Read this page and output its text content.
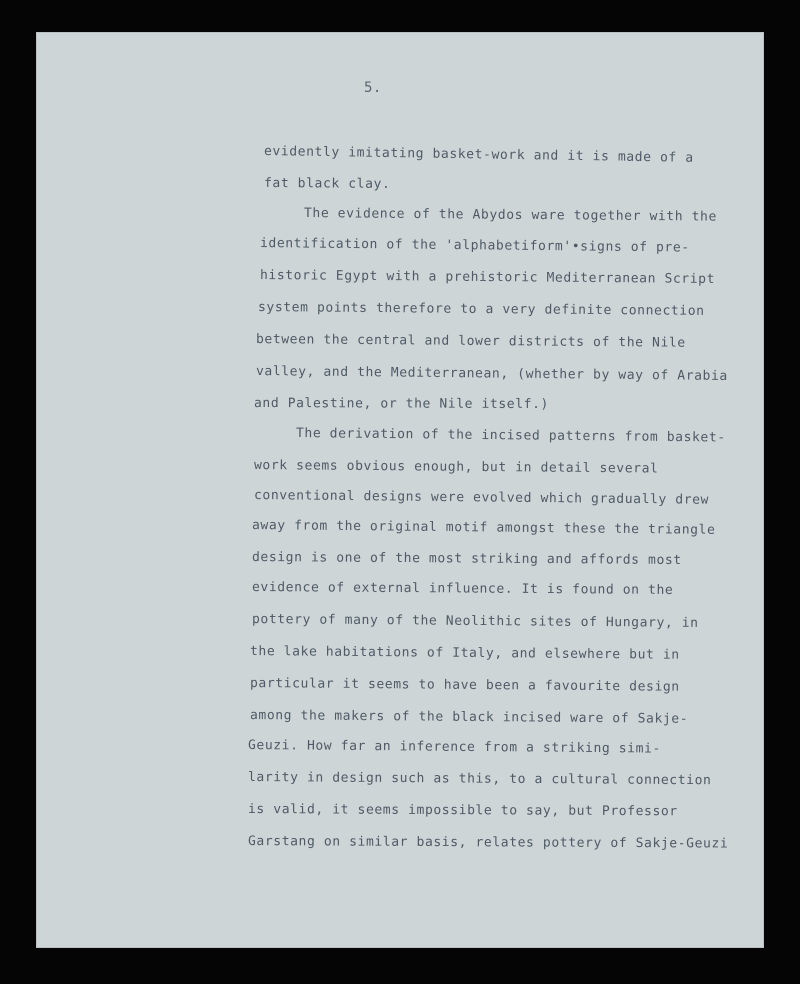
5.
evidently imitating basket-work and it is made of a
fat black clay.
The evidence of the Abydos ware together with the
identification of the 'alphabetiform'•signs of pre-
historic Egypt with a prehistoric Mediterranean Script
system points therefore to a very definite connection
between the central and lower districts of the Nile
valley, and the Mediterranean, (whether by way of Arabia
and Palestine, or the Nile itself.)
The derivation of the incised patterns from basket-
work seems obvious enough, but in detail several
conventional designs were evolved which gradually drew
away from the original motif amongst these the triangle
design is one of the most striking and affords most
evidence of external influence. It is found on the
pottery of many of the Neolithic sites of Hungary, in
the lake habitations of Italy, and elsewhere but in
particular it seems to have been a favourite design
among the makers of the black incised ware of Sakje-
Geuzi. How far an inference from a striking simi-
larity in design such as this, to a cultural connection
is valid, it seems impossible to say, but Professor
Garstang on similar basis, relates pottery of Sakje-Geuzi
